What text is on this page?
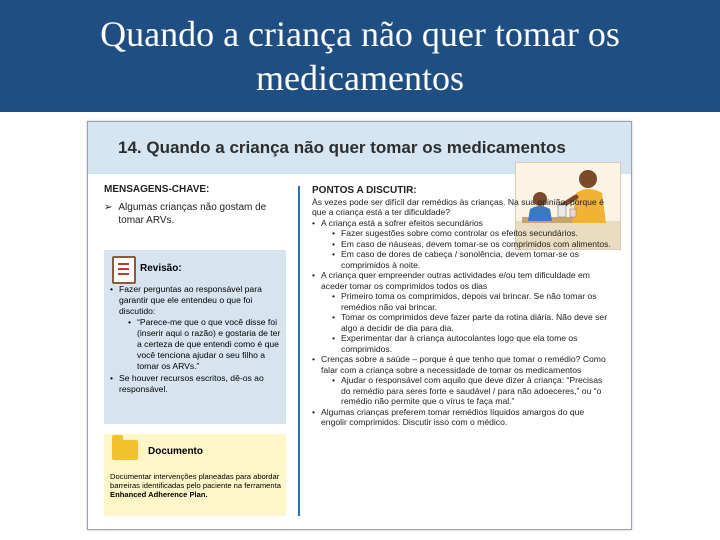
Quando a criança não quer tomar os medicamentos
14. Quando a criança não quer tomar os medicamentos
MENSAGENS-CHAVE:
➢ Algumas crianças não gostam de tomar ARVs.
Revisão:
• Fazer perguntas ao responsável para garantir que ele entendeu o que foi discutido:
• “Parece-me que o que você disse foi (inserir aqui o razão) e gostaria de ter a certeza de que entendi como é que você tenciona ajudar o seu filho a tomar os ARVs.”
• Se houver recursos escritos, dê-os ao responsável.
Documento
Documentar intervenções planeadas para abordar barreiras identificadas pelo paciente na ferramenta Enhanced Adherence Plan.
PONTOS A DISCUTIR:
Às vezes pode ser difícil dar remédios às crianças. Na sua opinião, porque é que a criança está a ter dificuldade?
• A criança está a sofrer efeitos secundários
• Fazer sugestões sobre como controlar os efeitos secundários.
• Em caso de náuseas, devem tomar-se os comprimidos com alimentos.
• Em caso de dores de cabeça / sonolência, devem tomar-se os comprimidos à noite.
• A criança quer empreender outras actividades e/ou tem dificuldade em aceder tomar os comprimidos todos os dias
• Primeiro toma os comprimidos, depois vai brincar. Se não tomar os remédios não vai brincar.
• Tomar os comprimidos deve fazer parte da rotina diária. Não deve ser algo a decidir de dia para dia.
• Experimentar dar à criança autocolantes logo que ela tome os comprimidos.
• Crenças sobre a saúde – porque é que tenho que tomar o remédio? Como falar com a criança sobre a necessidade de tomar os medicamentos
• Ajudar o responsável com aquilo que deve dizer à criança: “Precisas do remédio para seres forte e saudável / para não adoeceres,” ou “o remédio não permite que o vírus te faça mal.”
• Algumas crianças preferem tomar remédios líquidos amargos do que engolir comprimidos. Discutir isso com o médico.
